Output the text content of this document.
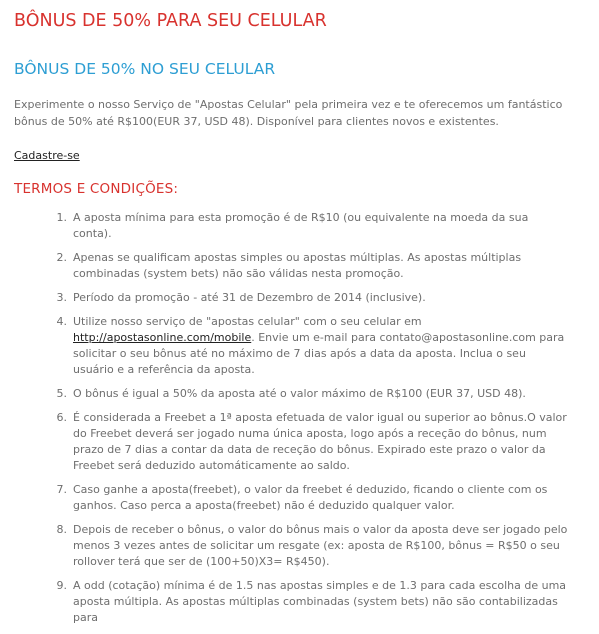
BÔNUS DE 50% PARA SEU CELULAR
BÔNUS DE 50% NO SEU CELULAR

Experimente o nosso Serviço de "Apostas Celular" pela primeira vez e te oferecemos um fantástico bônus de 50% até R$100(EUR 37, USD 48). Disponível para clientes novos e existentes.

Cadastre-se
TERMOS E CONDIÇÕES:
1. A aposta mínima para esta promoção é de R$10 (ou equivalente na moeda da sua conta).
2. Apenas se qualificam apostas simples ou apostas múltiplas. As apostas múltiplas combinadas (system bets) não são válidas nesta promoção.
3. Período da promoção - até 31 de Dezembro de 2014 (inclusive).
4. Utilize nosso serviço de "apostas celular" com o seu celular em http://apostasonline.com/mobile. Envie um e-mail para contato@apostasonline.com para solicitar o seu bônus até no máximo de 7 dias após a data da aposta. Inclua o seu usuário e a referência da aposta.
5. O bônus é igual a 50% da aposta até o valor máximo de R$100 (EUR 37, USD 48).
6. É considerada a Freebet a 1ª aposta efetuada de valor igual ou superior ao bônus.O valor do Freebet deverá ser jogado numa única aposta, logo após a receção do bônus, num prazo de 7 dias a contar da data de receção do bônus. Expirado este prazo o valor da Freebet será deduzido automáticamente ao saldo.
7. Caso ganhe a aposta(freebet), o valor da freebet é deduzido, ficando o cliente com os ganhos. Caso perca a aposta(freebet) não é deduzido qualquer valor.
8. Depois de receber o bônus, o valor do bônus mais o valor da aposta deve ser jogado pelo menos 3 vezes antes de solicitar um resgate (ex: aposta de R$100, bônus = R$50 o seu rollover terá que ser de (100+50)X3= R$450).
9. A odd (cotação) mínima é de 1.5 nas apostas simples e de 1.3 para cada escolha de uma aposta múltipla. As apostas múltiplas combinadas (system bets) não são contabilizadas para
